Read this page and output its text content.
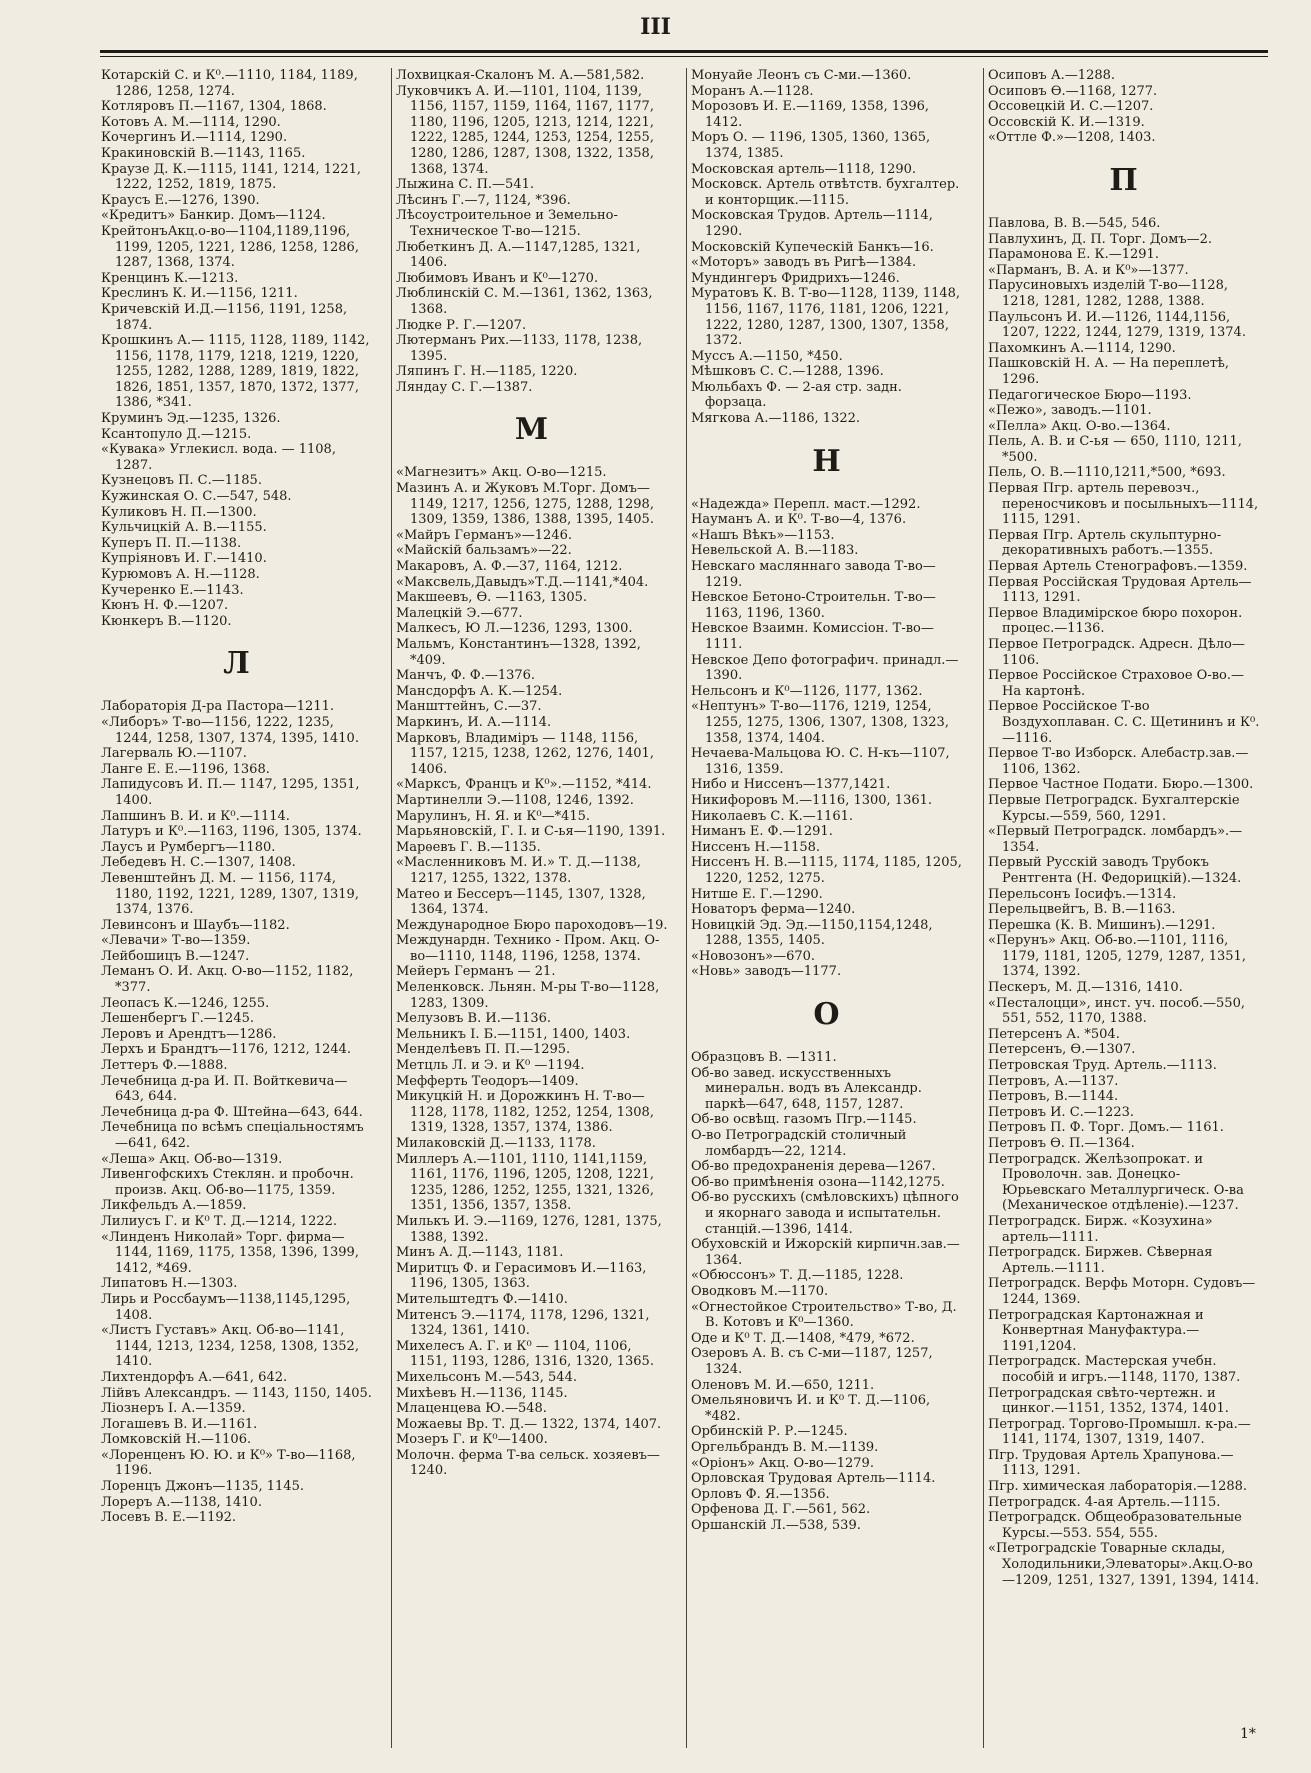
III

Котарскій С. и К⁰.—1110, 1184, 1189, 1286, 1258, 1274.

Котляровъ П.—1167, 1304, 1868.

Котовъ А. М.—1114, 1290.

Кочергинъ И.—1114, 1290.

Кракиновскій В.—1143, 1165.

Краузе Д. К.—1115, 1141, 1214, 1221, 1222, 1252, 1819, 1875.

Краусъ Е.—1276, 1390.

«Кредитъ» Банкир. Домъ—1124.

КрейтонъАкц.о-во—1104,1189,1196, 1199, 1205, 1221, 1286, 1258, 1286, 1287, 1368, 1374.

Кренцинъ К.—1213.

Креслинъ К. И.—1156, 1211.

Кричевскій И.Д.—1156, 1191, 1258, 1874.

Крошкинъ А.— 1115, 1128, 1189, 1142, 1156, 1178, 1179, 1218, 1219, 1220, 1255, 1282, 1288, 1289, 1819, 1822, 1826, 1851, 1357, 1870, 1372, 1377, 1386, *341.

Круминъ Эд.—1235, 1326.

Ксантопуло Д.—1215.

«Кувака» Углекисл. вода. — 1108, 1287.

Кузнецовъ П. С.—1185.

Кужинская О. С.—547, 548.

Куликовъ Н. П.—1300.

Кульчицкій А. В.—1155.

Куперъ П. П.—1138.

Купріяновъ И. Г.—1410.

Курюмовъ А. Н.—1128.

Кучеренко Е.—1143.

Кюнъ Н. Ф.—1207.

Кюнкеръ В.—1120.

Л

Лабораторія Д-ра Пастора—1211.

«Либоръ» Т-во—1156, 1222, 1235, 1244, 1258, 1307, 1374, 1395, 1410.

Лагерваль Ю.—1107.

Ланге Е. Е.—1196, 1368.

Лапидусовъ И. П.— 1147, 1295, 1351, 1400.

Лапшинъ В. И. и К⁰.—1114.

Латуръ и К⁰.—1163, 1196, 1305, 1374.

Лаусъ и Румбергъ—1180.

Лебедевъ Н. С.—1307, 1408.

Левенштейнъ Д. М. — 1156, 1174, 1180, 1192, 1221, 1289, 1307, 1319, 1374, 1376.

Левинсонъ и Шаубъ—1182.

«Левачи» Т-во—1359.

Лейбошицъ В.—1247.

Леманъ О. И. Акц. О-во—1152, 1182, *377.

Леопасъ К.—1246, 1255.

Лешенбергъ Г.—1245.

Леровъ и Арендтъ—1286.

Лерхъ и Брандтъ—1176, 1212, 1244.

Леттеръ Ф.—1888.

Лечебница д-ра И. П. Войткевича—643, 644.

Лечебница д-ра Ф. Штейна—643, 644.

Лечебница по всѣмъ спеціальностямъ—641, 642.

«Леша» Акц. Об-во—1319.

Ливенгофскихъ Стеклян. и пробочн. произв. Акц. Об-во—1175, 1359.

Ликфельдъ А.—1859.

Лилиусъ Г. и К⁰ Т. Д.—1214, 1222.

«Линденъ Николай» Торг. фирма—1144, 1169, 1175, 1358, 1396, 1399, 1412, *469.

Липатовъ Н.—1303.

Лирь и Россбаумъ—1138,1145,1295, 1408.

«Листъ Густавъ» Акц. Об-во—1141, 1144, 1213, 1234, 1258, 1308, 1352, 1410.

Лихтендорфъ А.—641, 642.

Лійвъ Александръ. — 1143, 1150, 1405.

Ліознеръ І. А.—1359.

Логашевъ В. И.—1161.

Ломковскій Н.—1106.

«Лоренценъ Ю. Ю. и К⁰» Т-во—1168, 1196.

Лоренцъ Джонъ—1135, 1145.

Лореръ А.—1138, 1410.

Лосевъ В. Е.—1192.

Лохвицкая-Скалонъ М. А.—581,582.

Луковчикъ А. И.—1101, 1104, 1139, 1156, 1157, 1159, 1164, 1167, 1177, 1180, 1196, 1205, 1213, 1214, 1221, 1222, 1285, 1244, 1253, 1254, 1255, 1280, 1286, 1287, 1308, 1322, 1358, 1368, 1374.

Лыжина С. П.—541.

Лѣсинъ Г.—7, 1124, *396.

Лѣсоустроительное и Земельно-Техническое Т-во—1215.

Любеткинъ Д. А.—1147,1285, 1321, 1406.

Любимовъ Иванъ и К⁰—1270.

Люблинскій С. М.—1361, 1362, 1363, 1368.

Людке Р. Г.—1207.

Лютерманъ Рих.—1133, 1178, 1238, 1395.

Ляпинъ Г. Н.—1185, 1220.

Ляндау С. Г.—1387.

М

«Магнезитъ» Акц. О-во—1215.

Мазинъ А. и Жуковъ М.Торг. Домъ—1149, 1217, 1256, 1275, 1288, 1298, 1309, 1359, 1386, 1388, 1395, 1405.

«Майръ Германъ»—1246.

«Майскій бальзамъ»—22.

Макаровъ, А. Ф.—37, 1164, 1212.

«Максвель,Давыдъ»Т.Д.—1141,*404.

Макшеевъ, Ѳ. —1163, 1305.

Малецкій Э.—677.

Малкесъ, Ю Л.—1236, 1293, 1300.

Мальмъ, Константинъ—1328, 1392, *409.

Манчъ, Ф. Ф.—1376.

Мансдорфъ А. К.—1254.

Маншттейнъ, С.—37.

Маркинъ, И. А.—1114.

Марковъ, Владиміръ — 1148, 1156, 1157, 1215, 1238, 1262, 1276, 1401, 1406.

«Марксъ, Францъ и К⁰».—1152, *414.

Мартинелли Э.—1108, 1246, 1392.

Марулинъ, Н. Я. и К⁰—*415.

Марьяновскій, Г. І. и С-ья—1190, 1391.

Марѳевъ Г. В.—1135.

«Масленниковъ М. И.» Т. Д.—1138, 1217, 1255, 1322, 1378.

Матео и Бессеръ—1145, 1307, 1328, 1364, 1374.

Международное Бюро пароходовъ—19.

Междунардн. Технико - Пром. Акц. О-во—1110, 1148, 1196, 1258, 1374.

Мейеръ Германъ — 21.

Меленковск. Льнян. М-ры Т-во—1128, 1283, 1309.

Мелузовъ В. И.—1136.

Мельникъ І. Б.—1151, 1400, 1403.

Менделѣевъ П. П.—1295.

Метцль Л. и Э. и К⁰ —1194.

Мефферть Теодоръ—1409.

Микуцкій Н. и Дорожкинъ Н. Т-во—1128, 1178, 1182, 1252, 1254, 1308, 1319, 1328, 1357, 1374, 1386.

Милаковскій Д.—1133, 1178.

Миллеръ А.—1101, 1110, 1141,1159, 1161, 1176, 1196, 1205, 1208, 1221, 1235, 1286, 1252, 1255, 1321, 1326, 1351, 1356, 1357, 1358.

Милькъ И. Э.—1169, 1276, 1281, 1375, 1388, 1392.

Минъ А. Д.—1143, 1181.

Миритцъ Ф. и Герасимовъ И.—1163, 1196, 1305, 1363.

Мительштедтъ Ф.—1410.

Митенсъ Э.—1174, 1178, 1296, 1321, 1324, 1361, 1410.

Михелесъ А. Г. и К⁰ — 1104, 1106, 1151, 1193, 1286, 1316, 1320, 1365.

Михельсонъ М.—543, 544.

Михѣевъ Н.—1136, 1145.

Млаценцева Ю.—548.

Можаевы Вр. Т. Д.— 1322, 1374, 1407.

Мозеръ Г. и К⁰—1400.

Молочн. ферма Т-ва сельск. хозяевъ—1240.

Монуайе Леонъ съ С-ми.—1360.

Моранъ А.—1128.

Морозовъ И. Е.—1169, 1358, 1396, 1412.

Моръ О. — 1196, 1305, 1360, 1365, 1374, 1385.

Московская артель—1118, 1290.

Московск. Артель отвѣтств. бухгалтер. и конторщик.—1115.

Московская Трудов. Артель—1114, 1290.

Московскій Купеческій Банкъ—16.

«Моторъ» заводъ въ Ригѣ—1384.

Мундингеръ Фридрихъ—1246.

Муратовъ К. В. Т-во—1128, 1139, 1148, 1156, 1167, 1176, 1181, 1206, 1221, 1222, 1280, 1287, 1300, 1307, 1358, 1372.

Муссъ А.—1150, *450.

Мѣшковъ С. С.—1288, 1396.

Мюльбахъ Ф. — 2-ая стр. задн. форзаца.

Мягкова А.—1186, 1322.

Н

«Надежда» Перепл. маст.—1292.

Науманъ А. и К⁰. Т-во—4, 1376.

«Нашъ Вѣкъ»—1153.

Невельской А. В.—1183.

Невскаго масляннаго завода Т-во—1219.

Невское Бетоно-Строительн. Т-во—1163, 1196, 1360.

Невское Взаимн. Комиссіон. Т-во—1111.

Невское Депо фотографич. принадл.—1390.

Нельсонъ и К⁰—1126, 1177, 1362.

«Нептунъ» Т-во—1176, 1219, 1254, 1255, 1275, 1306, 1307, 1308, 1323, 1358, 1374, 1404.

Нечаева-Мальцова Ю. С. Н-къ—1107, 1316, 1359.

Нибо и Ниссенъ—1377,1421.

Никифоровъ М.—1116, 1300, 1361.

Николаевъ С. К.—1161.

Ниманъ Е. Ф.—1291.

Ниссенъ Н.—1158.

Ниссенъ Н. В.—1115, 1174, 1185, 1205, 1220, 1252, 1275.

Нитше Е. Г.—1290.

Новаторъ ферма—1240.

Новицкій Эд. Эд.—1150,1154,1248, 1288, 1355, 1405.

«Новозонъ»—670.

«Новь» заводъ—1177.

О

Образцовъ В. —1311.

Об-во завед. искусственныхъ минеральн. водъ въ Александр. паркѣ—647, 648, 1157, 1287.

Об-во освѣщ. газомъ Пгр.—1145.

О-во Петроградскій столичный ломбардъ—22, 1214.

Об-во предохраненія дерева—1267.

Об-во примѣненія озона—1142,1275.

Об-во русскихъ (смѣловскихъ) цѣпного и якорнаго завода и испытательн. станцій.—1396, 1414.

Обуховскій и Ижорскій кирпичн.зав.—1364.

«Обюссонъ» Т. Д.—1185, 1228.

Оводковъ М.—1170.

«Огнестойкое Строительство» Т-во, Д. В. Котовъ и К⁰—1360.

Оде и К⁰ Т. Д.—1408, *479, *672.

Озеровъ А. В. съ С-ми—1187, 1257, 1324.

Оленовъ М. И.—650, 1211.

Омельяновичъ И. и К⁰ Т. Д.—1106, *482.

Орбинскій Р. Р.—1245.

Оргельбрандъ В. М.—1139.

«Оріонъ» Акц. О-во—1279.

Орловская Трудовая Артель—1114.

Орловъ Ф. Я.—1356.

Орфенова Д. Г.—561, 562.

Оршанскій Л.—538, 539.

Осиповъ А.—1288.

Осиповъ Ѳ.—1168, 1277.

Оссовецкій И. С.—1207.

Оссовскій К. И.—1319.

«Оттле Ф.»—1208, 1403.

П

Павлова, В. В.—545, 546.

Павлухинъ, Д. П. Торг. Домъ—2.

Парамонова Е. К.—1291.

«Парманъ, В. А. и К⁰»—1377.

Парусиновыхъ изделій Т-во—1128, 1218, 1281, 1282, 1288, 1388.

Паульсонъ И. И.—1126, 1144,1156, 1207, 1222, 1244, 1279, 1319, 1374.

Пахомкинъ А.—1114, 1290.

Пашковскій Н. А. — На переплетѣ, 1296.

Педагогическое Бюро—1193.

«Пежо», заводъ.—1101.

«Пелла» Акц. О-во.—1364.

Пель, А. В. и С-ья — 650, 1110, 1211, *500.

Пель, О. В.—1110,1211,*500, *693.

Первая Пгр. артель перевозч., переносчиковъ и посыльныхъ—1114, 1115, 1291.

Первая Пгр. Артель скульптурно-декоративныхъ работъ.—1355.

Первая Артель Стенографовъ.—1359.

Первая Россійская Трудовая Артель—1113, 1291.

Первое Владимірское бюро похорон. процес.—1136.

Первое Петроградск. Адресн. Дѣло—1106.

Первое Россійское Страховое О-во.—На картонѣ.

Первое Россійское Т-во Воздухоплаван. С. С. Щетининъ и К⁰.—1116.

Первое Т-во Изборск. Алебастр.зав.—1106, 1362.

Первое Частное Подати. Бюро.—1300.

Первые Петроградск. Бухгалтерскіе Курсы.—559, 560, 1291.

«Первый Петроградск. ломбардъ».—1354.

Первый Русскій заводъ Трубокъ Рентгента (Н. Федорицкій).—1324.

Перельсонъ Іосифъ.—1314.

Перельцвейгъ, В. В.—1163.

Перешка (К. В. Мишинъ).—1291.

«Перунъ» Акц. Об-во.—1101, 1116, 1179, 1181, 1205, 1279, 1287, 1351, 1374, 1392.

Пескеръ, М. Д.—1316, 1410.

«Песталоцци», инст. уч. пособ.—550, 551, 552, 1170, 1388.

Петерсенъ А. *504.

Петерсенъ, Ѳ.—1307.

Петровская Труд. Артель.—1113.

Петровъ, А.—1137.

Петровъ, В.—1144.

Петровъ И. С.—1223.

Петровъ П. Ф. Торг. Домъ.— 1161.

Петровъ Ѳ. П.—1364.

Петроградск. Желѣзопрокат. и Проволочн. зав. Донецко-Юрьевскаго Металлургическ. О-ва (Механическое отдѣленіе).—1237.

Петроградск. Бирж. «Козухина» артель—1111.

Петроградск. Биржев. Сѣверная Артель.—1111.

Петроградск. Верфь Моторн. Судовъ—1244, 1369.

Петроградская Картонажная и Конвертная Мануфактура.—1191,1204.

Петроградск. Мастерская учебн. пособій и игръ.—1148, 1170, 1387.

Петроградская свѣто-чертежн. и цинког.—1151, 1352, 1374, 1401.

Петроград. Торгово-Промышл. к-ра.—1141, 1174, 1307, 1319, 1407.

Пгр. Трудовая Артель Храпунова.—1113, 1291.

Пгр. химическая лабораторія.—1288.

Петроградск. 4-ая Артель.—1115.

Петроградск. Общеобразовательные Курсы.—553. 554, 555.

«Петроградскіе Товарные склады, Холодильники,Элеваторы».Акц.О-во—1209, 1251, 1327, 1391, 1394, 1414.

1*
